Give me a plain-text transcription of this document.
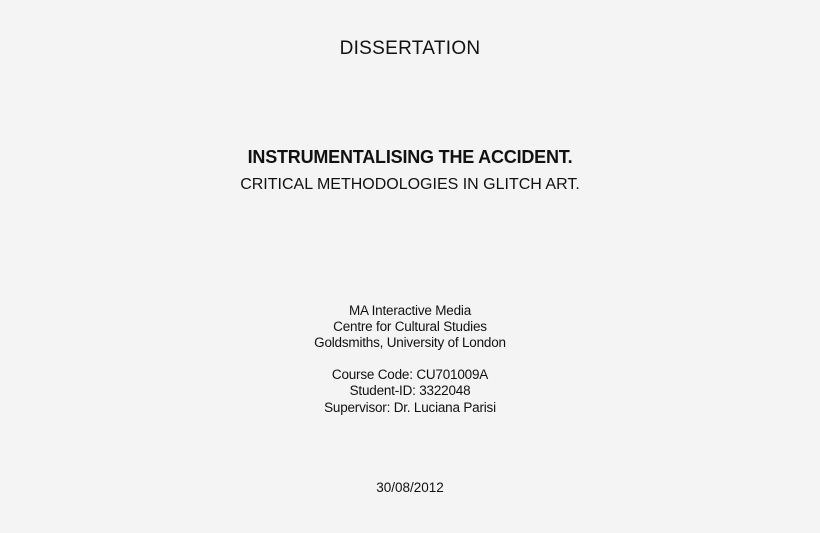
DISSERTATION
INSTRUMENTALISING THE ACCIDENT.
CRITICAL METHODOLOGIES IN GLITCH ART.
MA Interactive Media
Centre for Cultural Studies
Goldsmiths, University of London
Course Code: CU701009A
Student-ID: 3322048
Supervisor: Dr. Luciana Parisi
30/08/2012
